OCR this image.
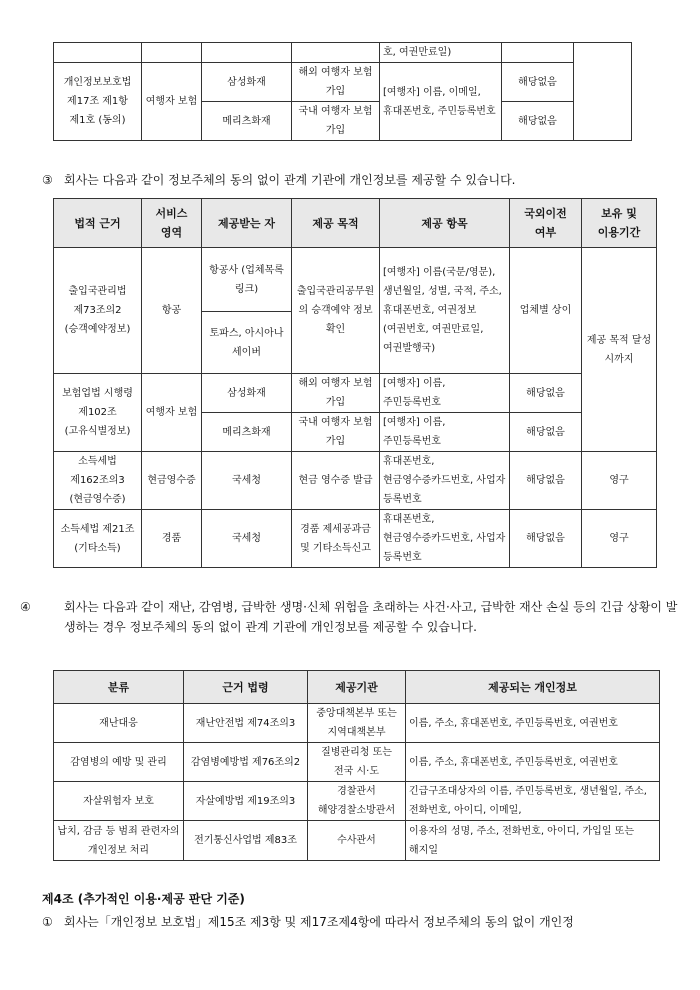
				호, 여권만료일)		
개인정보보호법 제17조 제1항 제1호 (동의)	여행자 보험	삼성화재	해외 여행자 보험 가입	[여행자] 이름, 이메일, 휴대폰번호, 주민등록번호	해당없음	
		메리츠화재	국내 여행자 보험 가입		해당없음	

③ 회사는 다음과 같이 정보주체의 동의 없이 관계 기관에 개인정보를 제공할 수 있습니다.

법적 근거	서비스 영역	제공받는 자	제공 목적	제공 항목	국외이전 여부	보유 및 이용기간
출입국관리법 제73조의2 (승객예약정보)	항공	항공사 (업체목록 링크)	출입국관리공무원의 승객예약 정보 확인	[여행자] 이름(국문/영문), 생년월일, 성별, 국적, 주소, 휴대폰번호, 여권정보(여권번호, 여권만료일, 여권발행국)	업체별 상이	제공 목적 달성 시까지
		토파스, 아시아나 세이버				
보험업법 시행령 제102조 (고유식별정보)	여행자 보험	삼성화재	해외 여행자 보험 가입	[여행자] 이름, 주민등록번호	해당없음	
		메리츠화재	국내 여행자 보험 가입	[여행자] 이름, 주민등록번호	해당없음	
소득세법 제162조의3 (현금영수증)	현금영수증	국세청	현금 영수증 발급	휴대폰번호, 현금영수증카드번호, 사업자 등록번호	해당없음	영구
소득세법 제21조 (기타소득)	경품	국세청	경품 제세공과금 및 기타소득신고	휴대폰번호, 현금영수증카드번호, 사업자 등록번호	해당없음	영구

④	회사는 다음과 같이 재난, 감염병, 급박한 생명·신체 위험을 초래하는 사건·사고, 급박한 재산 손실 등의 긴급 상황이 발생하는 경우 정보주체의 동의 없이 관계 기관에 개인정보를 제공할 수 있습니다.

분류	근거 법령	제공기관	제공되는 개인정보
재난대응	재난안전법 제74조의3	중앙대책본부 또는 지역대책본부	이름, 주소, 휴대폰번호, 주민등록번호, 여권번호
감염병의 예방 및 관리	감염병예방법 제76조의2	질병관리청 또는 전국 시·도	이름, 주소, 휴대폰번호, 주민등록번호, 여권번호
자살위험자 보호	자살예방법 제19조의3	경찰관서 해양경찰소방관서	긴급구조대상자의 이름, 주민등록번호, 생년월일, 주소, 전화번호, 아이디, 이메일,
납치, 감금 등 범죄 관련자의 개인정보 처리	전기통신사업법 제83조	수사관서	이용자의 성명, 주소, 전화번호, 아이디, 가입일 또는 해지일

제4조 (추가적인 이용·제공 판단 기준)

① 회사는「개인정보 보호법」제15조 제3항 및 제17조제4항에 따라서 정보주체의 동의 없이 개인정
